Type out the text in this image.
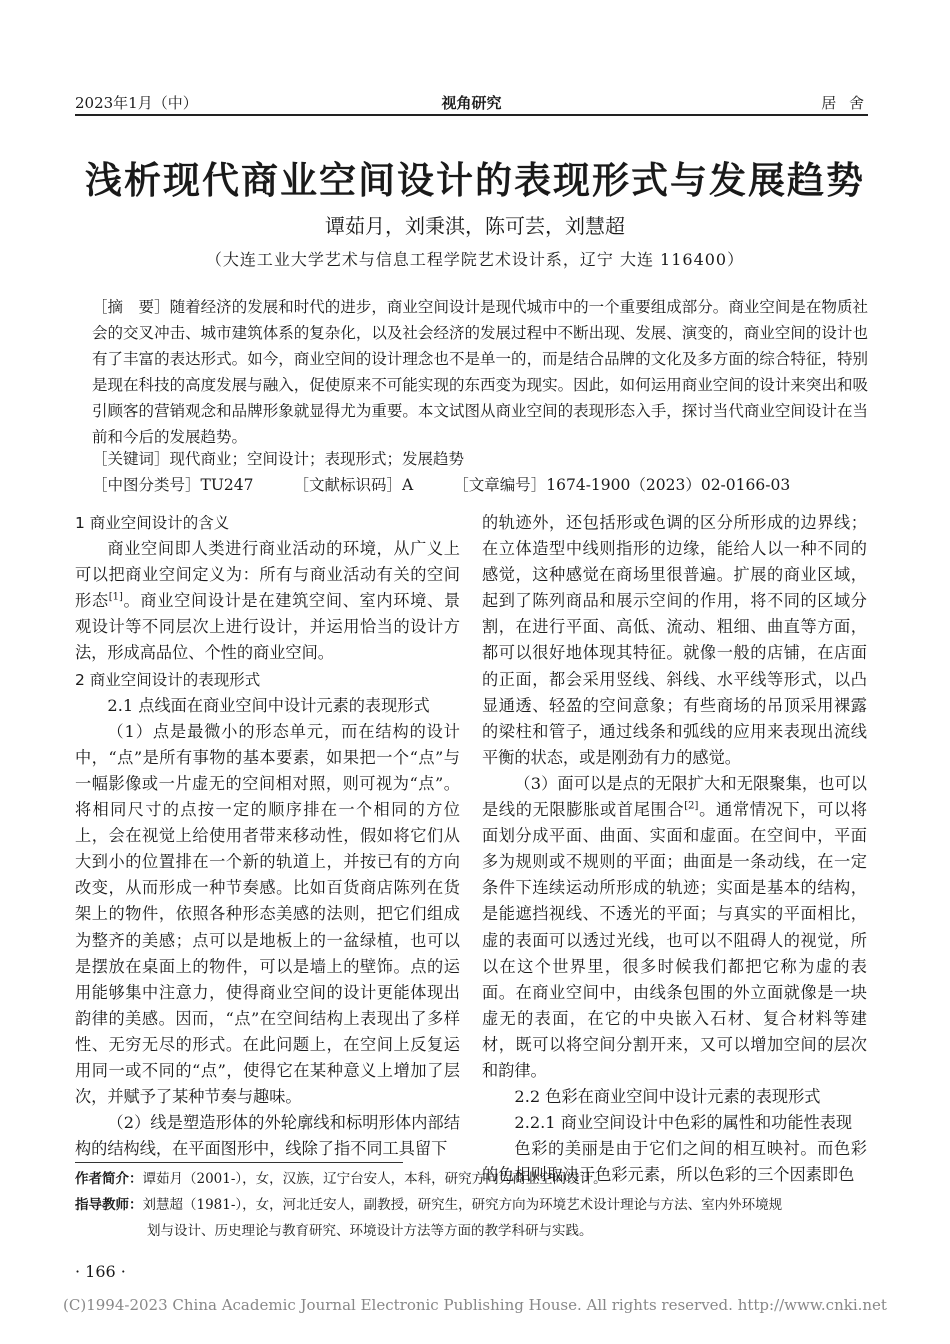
2023年1月（中）	视角研究	居 舍
浅析现代商业空间设计的表现形式与发展趋势
谭茹月，刘秉淇，陈可芸，刘慧超
（大连工业大学艺术与信息工程学院艺术设计系，辽宁 大连 116400）
［摘　要］随着经济的发展和时代的进步，商业空间设计是现代城市中的一个重要组成部分。商业空间是在物质社会的交叉冲击、城市建筑体系的复杂化，以及社会经济的发展过程中不断出现、发展、演变的，商业空间的设计也有了丰富的表达形式。如今，商业空间的设计理念也不是单一的，而是结合品牌的文化及多方面的综合特征，特别是现在科技的高度发展与融入，促使原来不可能实现的东西变为现实。因此，如何运用商业空间的设计来突出和吸引顾客的营销观念和品牌形象就显得尤为重要。本文试图从商业空间的表现形态入手，探讨当代商业空间设计在当前和今后的发展趋势。
［关键词］现代商业；空间设计；表现形式；发展趋势
［中图分类号］TU247	［文献标识码］A	［文章编号］1674-1900（2023）02-0166-03

1 商业空间设计的含义

商业空间即人类进行商业活动的环境，从广义上可以把商业空间定义为：所有与商业活动有关的空间形态[1]。商业空间设计是在建筑空间、室内环境、景观设计等不同层次上进行设计，并运用恰当的设计方法，形成高品位、个性的商业空间。

2 商业空间设计的表现形式

2.1 点线面在商业空间中设计元素的表现形式

（1）点是最微小的形态单元，而在结构的设计中，“点”是所有事物的基本要素，如果把一个“点”与一幅影像或一片虚无的空间相对照，则可视为“点”。将相同尺寸的点按一定的顺序排在一个相同的方位上，会在视觉上给使用者带来移动性，假如将它们从大到小的位置排在一个新的轨道上，并按已有的方向改变，从而形成一种节奏感。比如百货商店陈列在货架上的物件，依照各种形态美感的法则，把它们组成为整齐的美感；点可以是地板上的一盆绿植，也可以是摆放在桌面上的物件，可以是墙上的壁饰。点的运用能够集中注意力，使得商业空间的设计更能体现出韵律的美感。因而，“点”在空间结构上表现出了多样性、无穷无尽的形式。在此问题上，在空间上反复运用同一或不同的“点”，使得它在某种意义上增加了层次，并赋予了某种节奏与趣味。

（2）线是塑造形体的外轮廓线和标明形体内部结构的结构线，在平面图形中，线除了指不同工具留下

的轨迹外，还包括形或色调的区分所形成的边界线；在立体造型中线则指形的边缘，能给人以一种不同的感觉，这种感觉在商场里很普遍。扩展的商业区域，起到了陈列商品和展示空间的作用，将不同的区域分割，在进行平面、高低、流动、粗细、曲直等方面，都可以很好地体现其特征。就像一般的店铺，在店面的正面，都会采用竖线、斜线、水平线等形式，以凸显通透、轻盈的空间意象；有些商场的吊顶采用裸露的梁柱和管子，通过线条和弧线的应用来表现出流线平衡的状态，或是刚劲有力的感觉。

（3）面可以是点的无限扩大和无限聚集，也可以是线的无限膨胀或首尾围合[2]。通常情况下，可以将面划分成平面、曲面、实面和虚面。在空间中，平面多为规则或不规则的平面；曲面是一条动线，在一定条件下连续运动所形成的轨迹；实面是基本的结构，是能遮挡视线、不透光的平面；与真实的平面相比，虚的表面可以透过光线，也可以不阻碍人的视觉，所以在这个世界里，很多时候我们都把它称为虚的表面。在商业空间中，由线条包围的外立面就像是一块虚无的表面，在它的中央嵌入石材、复合材料等建材，既可以将空间分割开来，又可以增加空间的层次和韵律。

2.2 色彩在商业空间中设计元素的表现形式

2.2.1 商业空间设计中色彩的属性和功能性表现

色彩的美丽是由于它们之间的相互映衬。而色彩的色相则取决于色彩元素，所以色彩的三个因素即色

作者简介：谭茹月（2001-），女，汉族，辽宁台安人，本科，研究方向为商业空间设计。
指导教师：刘慧超（1981-），女，河北迁安人，副教授，研究生，研究方向为环境艺术设计理论与方法、室内外环境规
划与设计、历史理论与教育研究、环境设计方法等方面的教学科研与实践。
· 166 ·
(C)1994-2023 China Academic Journal Electronic Publishing House. All rights reserved. http://www.cnki.net
